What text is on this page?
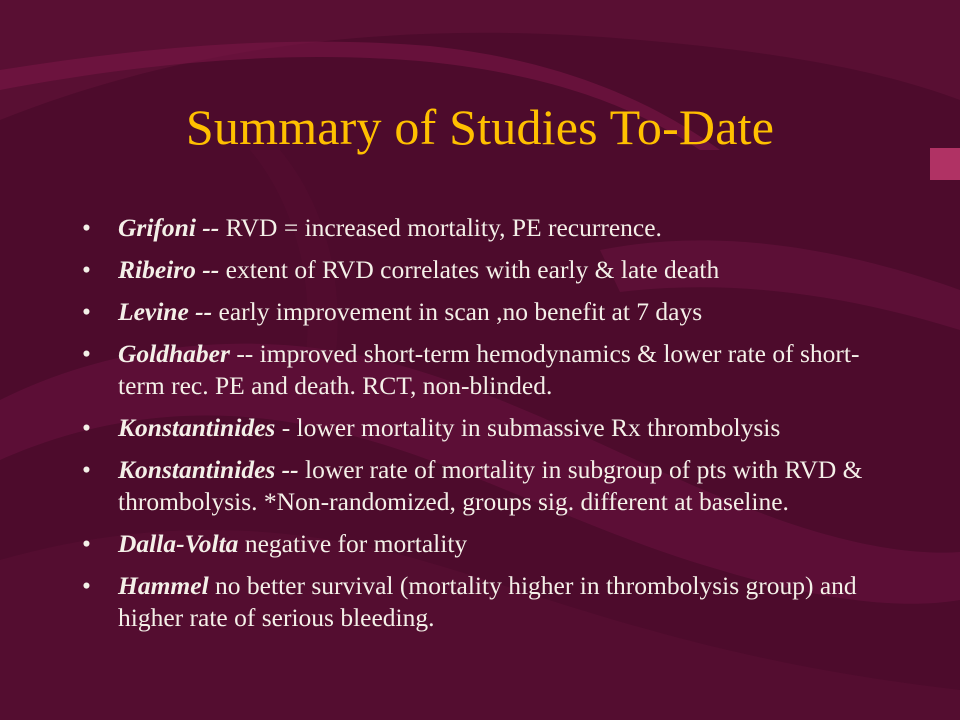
Summary of Studies To-Date
• Grifoni -- RVD = increased mortality, PE recurrence.
• Ribeiro -- extent of RVD correlates with early & late death
• Levine -- early improvement in scan ,no benefit at 7 days
• Goldhaber -- improved short-term hemodynamics & lower rate of short-term rec. PE and death. RCT, non-blinded.
• Konstantinides - lower mortality in submassive Rx thrombolysis
• Konstantinides -- lower rate of mortality in subgroup of pts with RVD & thrombolysis. *Non-randomized, groups sig. different at baseline.
• Dalla-Volta negative for mortality
• Hammel no better survival (mortality higher in thrombolysis group) and higher rate of serious bleeding.
